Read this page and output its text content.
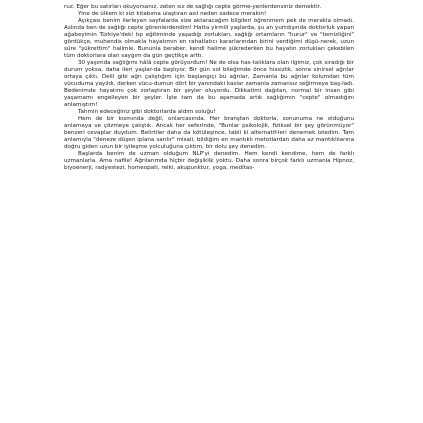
ruz. Eğer bu satırları okuyorsanız, zaten sız de sağlığı cepte görme-yenlerdensiniz demektir.

Yine de ülkem ki sizi kitabıma ulaştıran asıl neden sadece merakın!

Açıkçası benim ilerleyen sayfalarda size aktaracağım bilgileri öğrenmem pek de merakla olmadı. Aslında ben de sağlığı cepte görenlerdendim! Hatta yirmili yaşlarda, şu an yurtdışında doktorluk yapan ağabeyimin Türkiye'deki tıp eğitiminde yaşadığı zorlukları, sağlığı ortamların "hurur" ve "temizliğini" gördükçe, muhendis olmakla hayatımın en rahatlatıcı kararlarından birini verdiğimi düşü-nerek, uzun süre "şükrettim" halimle. Bununla beraber, kendi halime şükrederken bu hayatın zorlukları çekebilen tüm doktorlara olan saygım da gün geçtikçe arttı.

30 yaşımda sağlığımı hâlâ cepte görüyordum! Ne de olsa has-talıklara olan ilgimiz, çok sıradığı bir durum yoksa, daha ileri yaşlar-da başlıyor. Bir gün sol bileğimde önce hissizlik, sonra sinirsel ağrılar ortaya çıktı. Delil gibi ağrı çalıştığım için başlangıçı bu ağrılar, Zamanla bu ağrılar kolumdan tüm vücuduma yayıldı, derken vücu-dumun dört bir yanındaki kaslar zamanla zamansız seğirmeye baş-ladı. Bedenimde hayatımı çok zorlaştıran bir şeyler oluyordu. Dikkatimi dağıtan, normal bir insan gibi yaşamamı engelleyen bir şeyler. İşte tam da bu aşamada artık sağlığımın "cepte" olmadığını anlamıştım!

Tahmin edeceğiniz gibi doktorlarda aldım soluğu!

Hem de bir kısmında değil, onlarcasında. Her branştan doktorla, sonunuma ne olduğunu anlamaya ve çözmeye çalıştık. Ancak her seferinde, "Bunlar psikolojik, fiziksel bir şey görünmüyor" benzeri cevaplar duydum. Belirtiler daha da kötüleşince, tabii ki alternatif-leri denemek istedim. Tam anlamıyla "deneze düşen iplana sarılır" misali, bildiğim en mantıklı metotlardan daha az mantıklılarına doğru giden uzun bir iyileşme yolculuğuna çıktım, bir dolu şey denedim.

Başlarda benim de uzman olduğum NLP'yi denedim. Hem kendi kendime, hem de farklı uzmanlarla. Ama nafile! Ağrılarımda hiçbir değişiklik yoktu. Daha sonra birçok farklı uzmanla Hipnoz, biyoenerji, radyestezi, homeopati, reiki, akupunktur, yoga, meditas-
